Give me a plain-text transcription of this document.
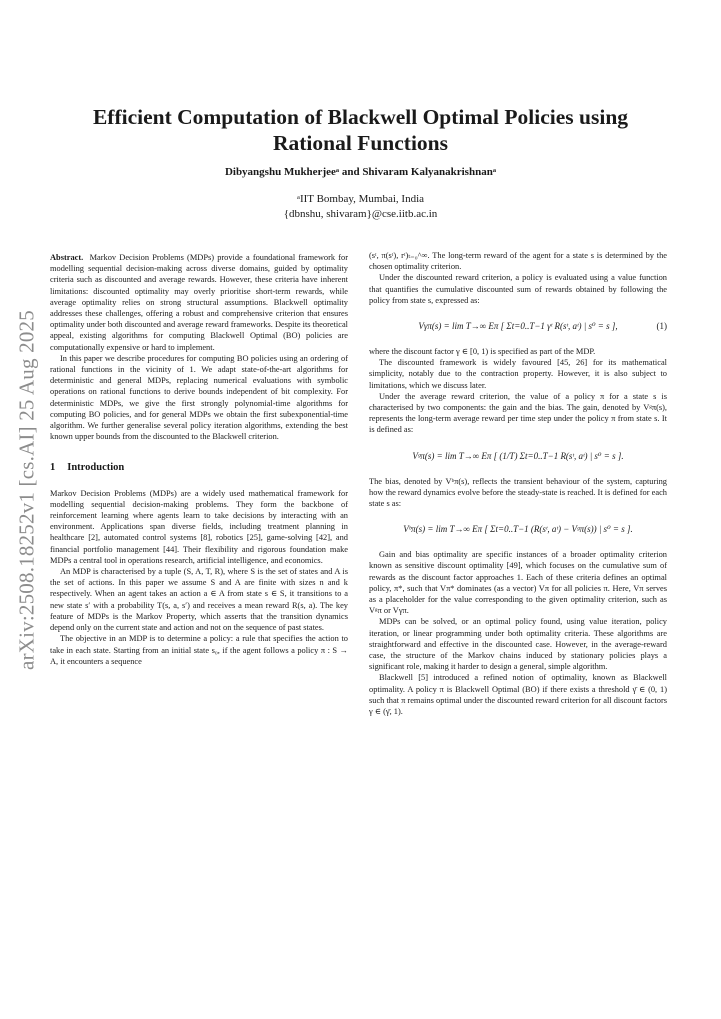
arXiv:2508.18252v1 [cs.AI] 25 Aug 2025
Efficient Computation of Blackwell Optimal Policies using Rational Functions
Dibyangshu Mukherjeeᵃ and Shivaram Kalyanakrishnanᵃ
ᵃIIT Bombay, Mumbai, India
{dbnshu, shivaram}@cse.iitb.ac.in

Abstract. Markov Decision Problems (MDPs) provide a foundational framework for modelling sequential decision-making across diverse domains, guided by optimality criteria such as discounted and average rewards. However, these criteria have inherent limitations: discounted optimality may overly prioritise short-term rewards, while average optimality relies on strong structural assumptions. Blackwell optimality addresses these challenges, offering a robust and comprehensive criterion that ensures optimality under both discounted and average reward frameworks. Despite its theoretical appeal, existing algorithms for computing Blackwell Optimal (BO) policies are computationally expensive or hard to implement.

In this paper we describe procedures for computing BO policies using an ordering of rational functions in the vicinity of 1. We adapt state-of-the-art algorithms for deterministic and general MDPs, replacing numerical evaluations with symbolic operations on rational functions to derive bounds independent of bit complexity. For deterministic MDPs, we give the first strongly polynomial-time algorithms for computing BO policies, and for general MDPs we obtain the first subexponential-time algorithm. We further generalise several policy iteration algorithms, extending the best known upper bounds from the discounted to the Blackwell criterion.

1 Introduction

Markov Decision Problems (MDPs) are a widely used mathematical framework for modelling sequential decision-making problems. They form the backbone of reinforcement learning where agents learn to take decisions by interacting with an environment. Applications span diverse fields, including treatment planning in healthcare [2], automated control systems [8], robotics [25], game-solving [42], and financial portfolio management [44]. Their flexibility and rigorous foundation make MDPs a central tool in operations research, artificial intelligence, and economics.

An MDP is characterised by a tuple (S, A, T, R), where S is the set of states and A is the set of actions. In this paper we assume S and A are finite with sizes n and k respectively. When an agent takes an action a ∈ A from state s ∈ S, it transitions to a new state s′ with a probability T(s, a, s′) and receives a mean reward R(s, a). The key feature of MDPs is the Markov Property, which asserts that the transition dynamics depend only on the current state and action and not on the sequence of past states.

The objective in an MDP is to determine a policy: a rule that specifies the action to take in each state. Starting from an initial state s₀, if the agent follows a policy π : S → A, it encounters a sequence

(sᵗ, π(sᵗ), rᵗ)ₜ₌₀^∞. The long-term reward of the agent for a state s is determined by the chosen optimality criterion.

Under the discounted reward criterion, a policy is evaluated using a value function that quantifies the cumulative discounted sum of rewards obtained by following the policy from state s, expressed as:

Vγπ(s) = lim T→∞ Eπ [ Σt=0..T−1 γᵗ R(sᵗ, aᵗ) | s⁰ = s ],	(1)

where the discount factor γ ∈ [0, 1) is specified as part of the MDP.

The discounted framework is widely favoured [45, 26] for its mathematical simplicity, notably due to the contraction property. However, it is also subject to limitations, which we discuss later.

Under the average reward criterion, the value of a policy π for a state s is characterised by two components: the gain and the bias. The gain, denoted by Vᵍπ(s), represents the long-term average reward per time step under the policy π from state s. It is defined as:

Vᵍπ(s) = lim T→∞ Eπ [ (1/T) Σt=0..T−1 R(sᵗ, aᵗ) | s⁰ = s ].

The bias, denoted by Vᵇπ(s), reflects the transient behaviour of the system, capturing how the reward dynamics evolve before the steady-state is reached. It is defined for each state s as:

Vᵇπ(s) = lim T→∞ Eπ [ Σt=0..T−1 (R(sᵗ, aᵗ) − Vᵍπ(s)) | s⁰ = s ].

Gain and bias optimality are specific instances of a broader optimality criterion known as sensitive discount optimality [49], which focuses on the cumulative sum of rewards as the discount factor approaches 1. Each of these criteria defines an optimal policy, π*, such that Vπ* dominates (as a vector) Vπ for all policies π. Here, Vπ serves as a placeholder for the value corresponding to the given optimality criterion, such as Vᵍπ or Vγπ.

MDPs can be solved, or an optimal policy found, using value iteration, policy iteration, or linear programming under both optimality criteria. These algorithms are straightforward and effective in the discounted case. However, in the average-reward case, the structure of the Markov chains induced by stationary policies plays a significant role, making it harder to design a general, simple algorithm.

Blackwell [5] introduced a refined notion of optimality, known as Blackwell optimality. A policy π is Blackwell Optimal (BO) if there exists a threshold γ̄ ∈ (0, 1) such that π remains optimal under the discounted reward criterion for all discount factors γ ∈ (γ̄, 1).
